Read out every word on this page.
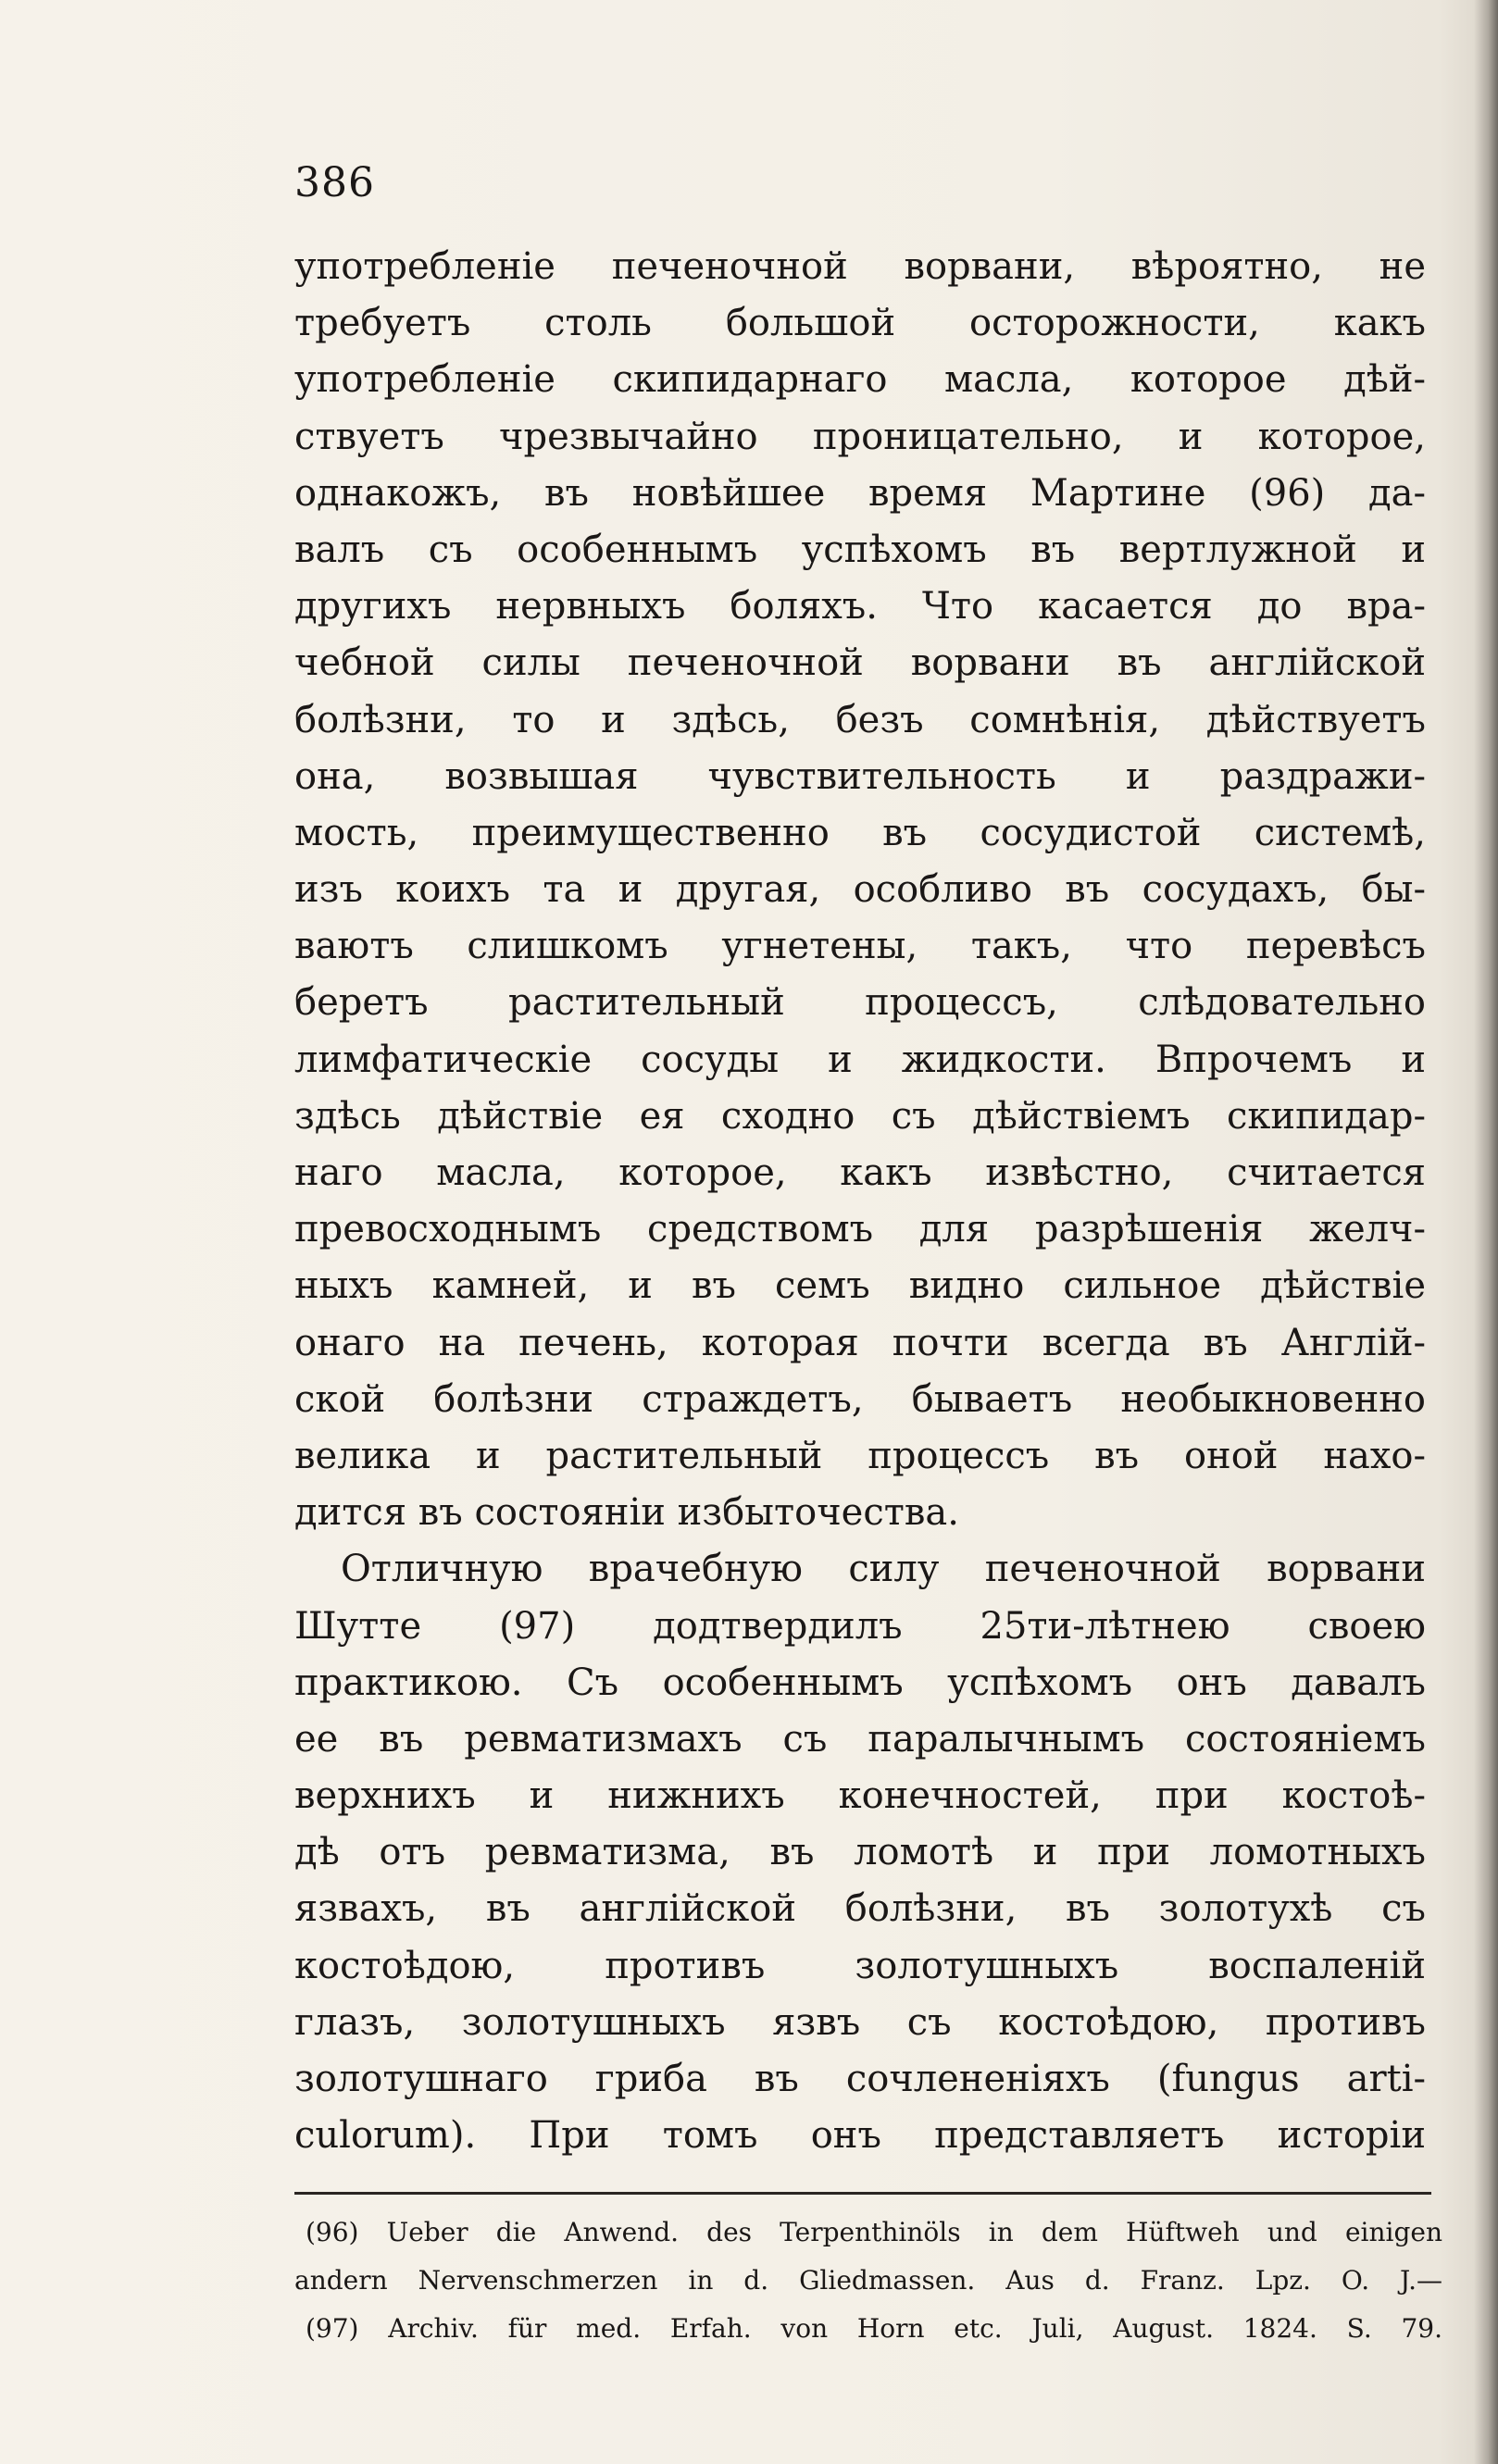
386
употребленіе печеночной ворвани, вѣроятно, не
требуетъ столь большой осторожности, какъ
употребленіе скипидарнаго масла, которое дѣй-
ствуетъ чрезвычайно проницательно, и которое,
однакожъ, въ новѣйшее время Мартине (96) да-
валъ съ особеннымъ успѣхомъ въ вертлужной и
другихъ нервныхъ боляхъ. Что касается до вра-
чебной силы печеночной ворвани въ англійской
болѣзни, то и здѣсь, безъ сомнѣнія, дѣйствуетъ
она, возвышая чувствительность и раздражи-
мость, преимущественно въ сосудистой системѣ,
изъ коихъ та и другая, особливо въ сосудахъ, бы-
ваютъ слишкомъ угнетены, такъ, что перевѣсъ
беретъ растительный процессъ, слѣдовательно
лимфатическіе сосуды и жидкости. Впрочемъ и
здѣсь дѣйствіе ея сходно съ дѣйствіемъ скипидар-
наго масла, которое, какъ извѣстно, считается
превосходнымъ средствомъ для разрѣшенія желч-
ныхъ камней, и въ семъ видно сильное дѣйствіе
онаго на печень, которая почти всегда въ Англій-
ской болѣзни страждетъ, бываетъ необыкновенно
велика и растительный процессъ въ оной нахо-
дится въ состояніи избыточества.
Отличную врачебную силу печеночной ворвани
Шутте (97) додтвердилъ 25ти-лѣтнею своею
практикою. Съ особеннымъ успѣхомъ онъ давалъ
ее въ ревматизмахъ съ паралычнымъ состояніемъ
верхнихъ и нижнихъ конечностей, при костоѣ-
дѣ отъ ревматизма, въ ломотѣ и при ломотныхъ
язвахъ, въ англійской болѣзни, въ золотухѣ съ
костоѣдою, противъ золотушныхъ воспаленій
глазъ, золотушныхъ язвъ съ костоѣдою, противъ
золотушнаго гриба въ сочлененіяхъ (fungus arti-
culorum). При томъ онъ представляетъ исторіи
(96) Ueber die Anwend. des Terpenthinöls in dem Hüftweh und einigen
andern Nervenschmerzen in d. Gliedmassen. Aus d. Franz. Lpz. O. J.—
(97) Archiv. für med. Erfah. von Horn etc. Juli, August. 1824. S. 79.
